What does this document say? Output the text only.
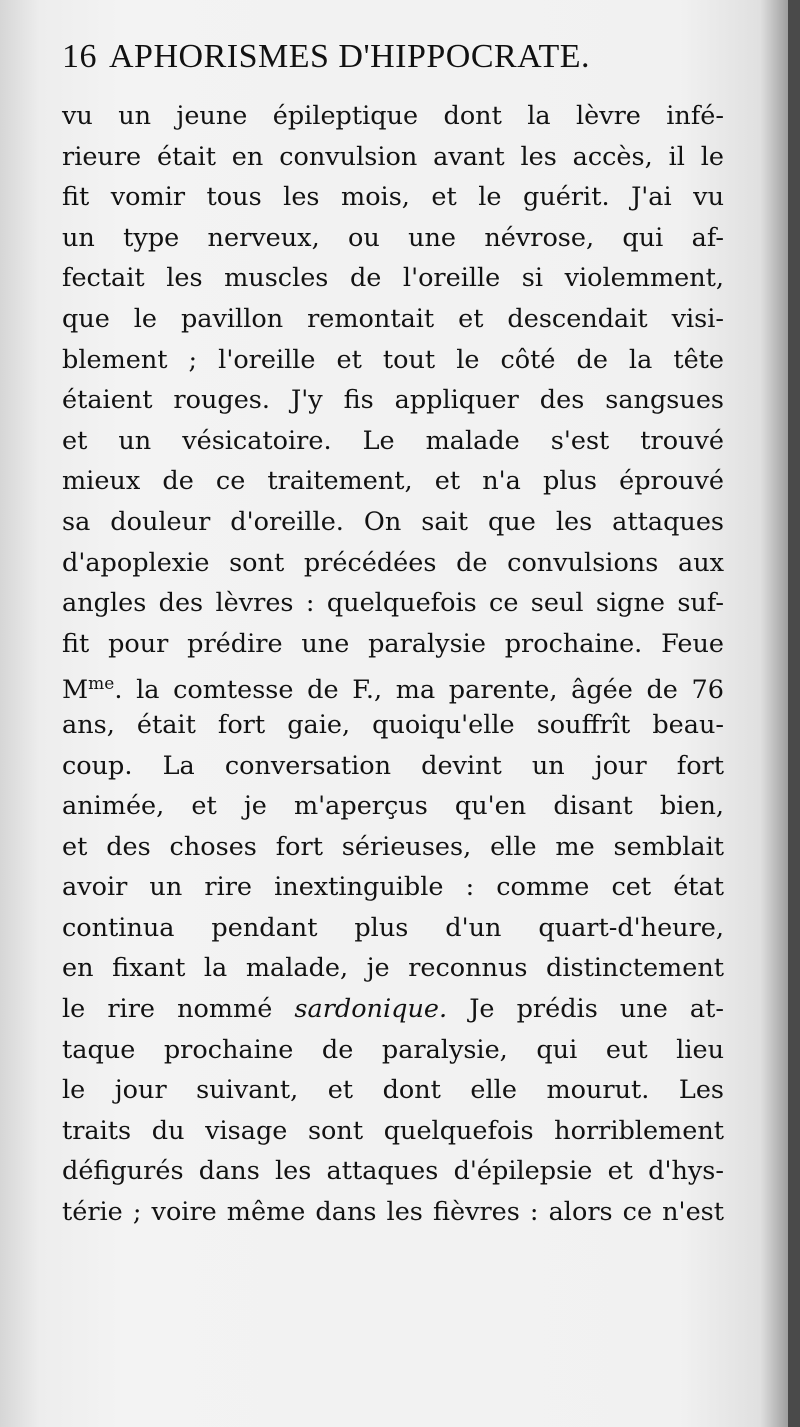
16 APHORISMES D'HIPPOCRATE.
vu un jeune épileptique dont la lèvre infé-
rieure était en convulsion avant les accès, il le
fit vomir tous les mois, et le guérit. J'ai vu
un type nerveux, ou une névrose, qui af-
fectait les muscles de l'oreille si violemment,
que le pavillon remontait et descendait visi-
blement ; l'oreille et tout le côté de la tête
étaient rouges. J'y fis appliquer des sangsues
et un vésicatoire. Le malade s'est trouvé
mieux de ce traitement, et n'a plus éprouvé
sa douleur d'oreille. On sait que les attaques
d'apoplexie sont précédées de convulsions aux
angles des lèvres : quelquefois ce seul signe suf-
fit pour prédire une paralysie prochaine. Feue
$M^{me}$. la comtesse de F., ma parente, âgée de 76
ans, était fort gaie, quoiqu'elle souffrît beau-
coup. La conversation devint un jour fort
animée, et je m'aperçus qu'en disant bien,
et des choses fort sérieuses, elle me semblait
avoir un rire inextinguible : comme cet état
continua pendant plus d'un quart-d'heure,
en fixant la malade, je reconnus distinctement
le rire nommé sardonique. Je prédis une at-
taque prochaine de paralysie, qui eut lieu
le jour suivant, et dont elle mourut. Les
traits du visage sont quelquefois horriblement
défigurés dans les attaques d'épilepsie et d'hys-
térie ; voire même dans les fièvres : alors ce n'est
